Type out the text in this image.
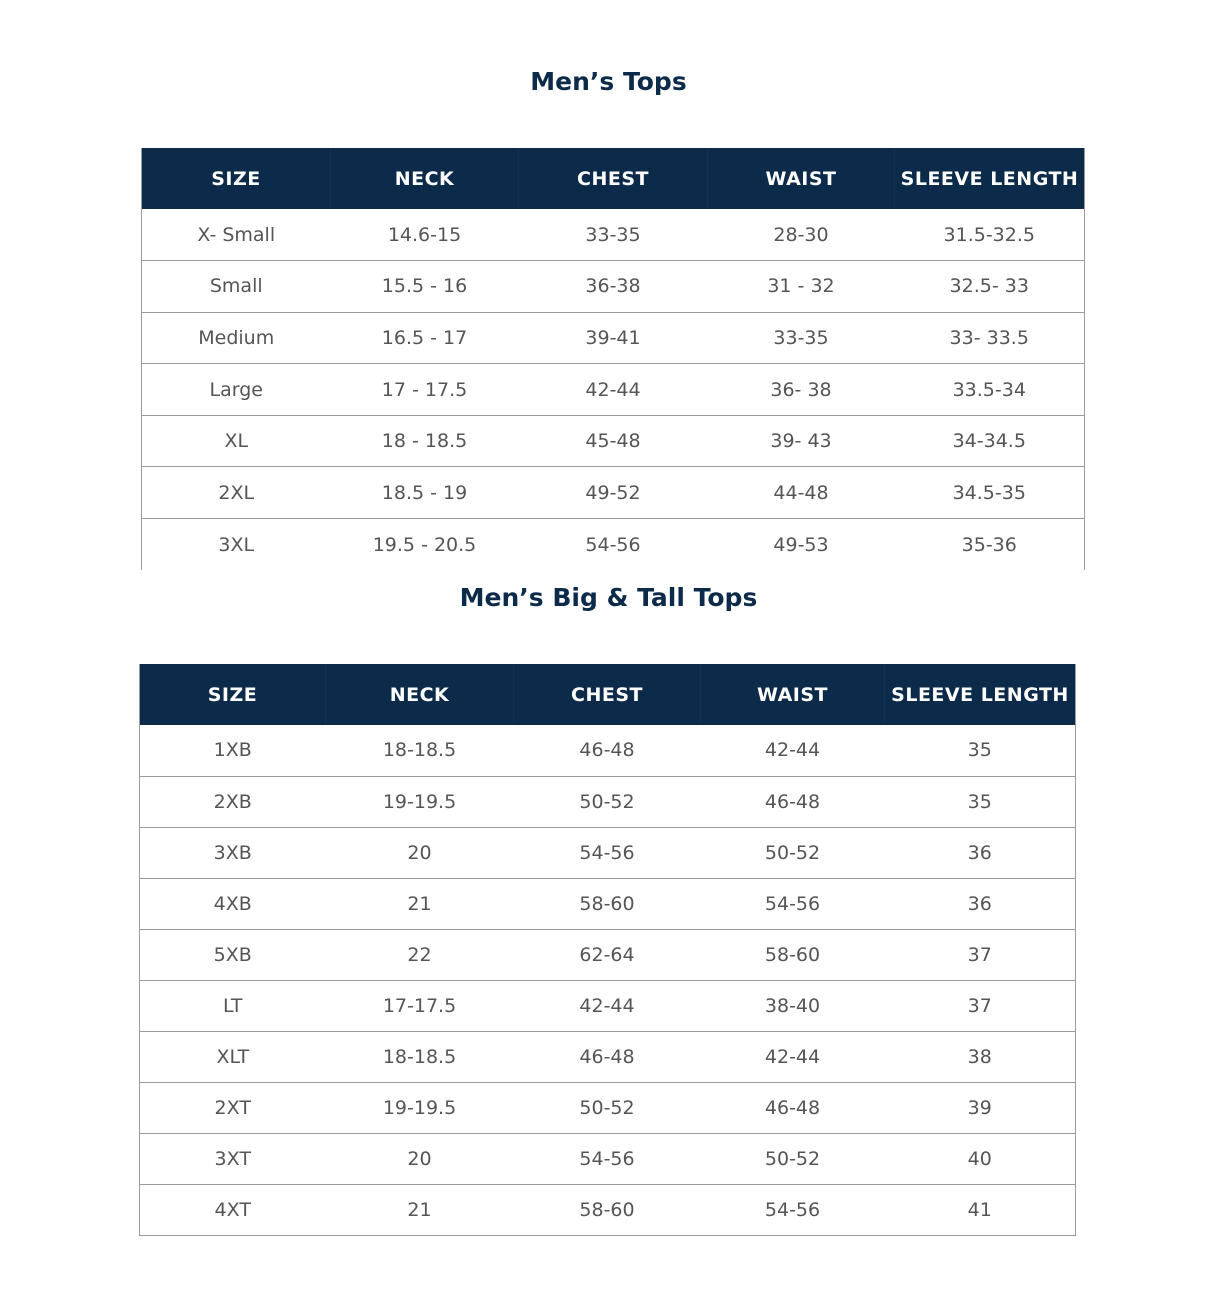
Men’s Tops
SIZE	NECK	CHEST	WAIST	SLEEVE LENGTH
X- Small	14.6-15	33-35	28-30	31.5-32.5
Small	15.5 - 16	36-38	31 - 32	32.5- 33
Medium	16.5 - 17	39-41	33-35	33- 33.5
Large	17 - 17.5	42-44	36- 38	33.5-34
XL	18 - 18.5	45-48	39- 43	34-34.5
2XL	18.5 - 19	49-52	44-48	34.5-35
3XL	19.5 - 20.5	54-56	49-53	35-36
Men’s Big & Tall Tops
SIZE	NECK	CHEST	WAIST	SLEEVE LENGTH
1XB	18-18.5	46-48	42-44	35
2XB	19-19.5	50-52	46-48	35
3XB	20	54-56	50-52	36
4XB	21	58-60	54-56	36
5XB	22	62-64	58-60	37
LT	17-17.5	42-44	38-40	37
XLT	18-18.5	46-48	42-44	38
2XT	19-19.5	50-52	46-48	39
3XT	20	54-56	50-52	40
4XT	21	58-60	54-56	41
